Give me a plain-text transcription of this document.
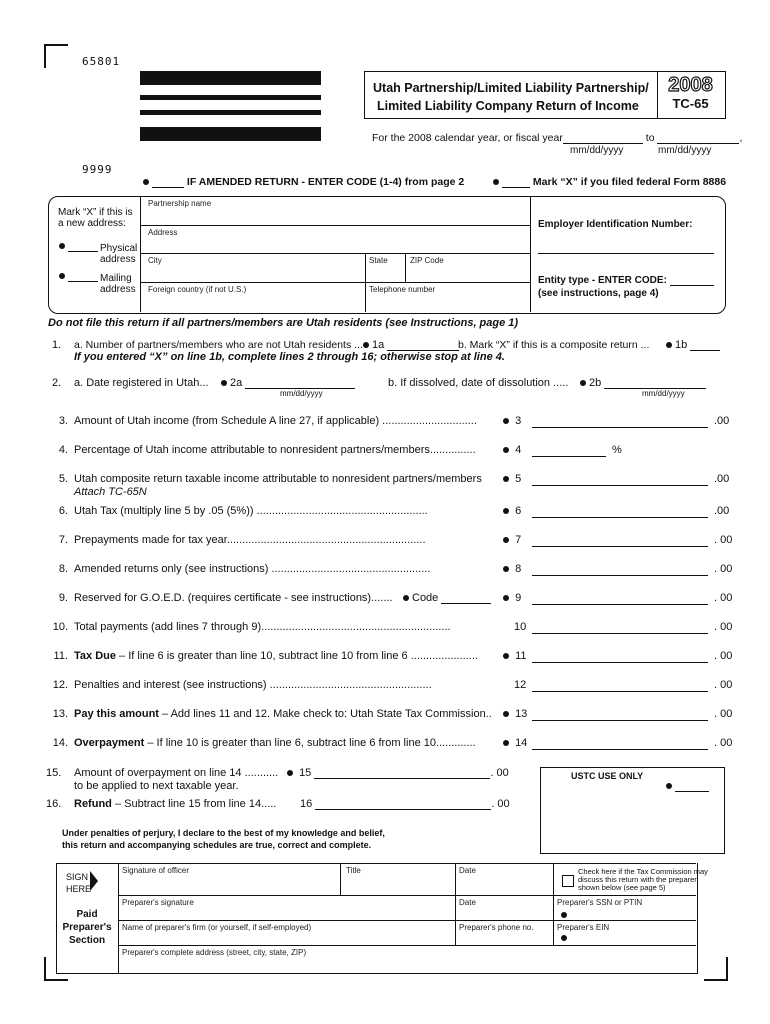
65801
9999
Utah Partnership/Limited Liability Partnership/
Limited Liability Company Return of Income
2008
TC-65
For the 2008 calendar year, or fiscal year	to	,
mm/dd/yyyy	mm/dd/yyyy
IF AMENDED RETURN - ENTER CODE (1-4) from page 2	Mark “X” if you filed federal Form 8886
Mark “X” if this is a new address:
Physical address
Mailing address
Partnership name
Address
City	State	ZIP Code
Foreign country (if not U.S.)	Telephone number
Employer Identification Number:
Entity type - ENTER CODE:
(see instructions, page 4)
Do not file this return if all partners/members are Utah residents (see Instructions, page 1)
1. a. Number of partners/members who are not Utah residents ... 1a	b. Mark “X” if this is a composite return ...	1b
If you entered “X” on line 1b, complete lines 2 through 16; otherwise stop at line 4.
2. a. Date registered in Utah...	2a
mm/dd/yyyy
b. If dissolved, date of dissolution .....	2b
mm/dd/yyyy
3. Amount of Utah income (from Schedule A line 27, if applicable) ...............................	3	.00
4. Percentage of Utah income attributable to nonresident partners/members...............	4	%
5. Utah composite return taxable income attributable to nonresident partners/members
Attach TC-65N
5	.00
6. Utah Tax (multiply line 5 by .05 (5%)) ........................................................	6	.00
7. Prepayments made for tax year.................................................................	7	. 00
8. Amended returns only (see instructions) ....................................................	8	. 00
9. Reserved for G.O.E.D. (requires certificate - see instructions).......	Code	9	. 00
10. Total payments (add lines 7 through 9)..............................................................	10	. 00
11. Tax Due – If line 6 is greater than line 10, subtract line 10 from line 6 ......................	11	. 00
12. Penalties and interest (see instructions) .....................................................	12	. 00
13. Pay this amount – Add lines 11 and 12. Make check to: Utah State Tax Commission..	13	. 00
14. Overpayment – If line 10 is greater than line 6, subtract line 6 from line 10.............	14	. 00
15. Amount of overpayment on line 14 ...........
to be applied to next taxable year.
15	. 00
16. Refund – Subtract line 15 from line 14..... 16	. 00
USTC USE ONLY
Under penalties of perjury, I declare to the best of my knowledge and belief,
this return and accompanying schedules are true, correct and complete.
SIGN
HERE
Signature of officer	Title	Date	Check here if the Tax Commission may discuss this return with the preparer shown below (see page 5)
Paid
Preparer's
Section
Preparer's signature	Date	Preparer's SSN or PTIN
Name of preparer's firm (or yourself, if self-employed)	Preparer's phone no.	Preparer's EIN
Preparer's complete address (street, city, state, ZIP)
